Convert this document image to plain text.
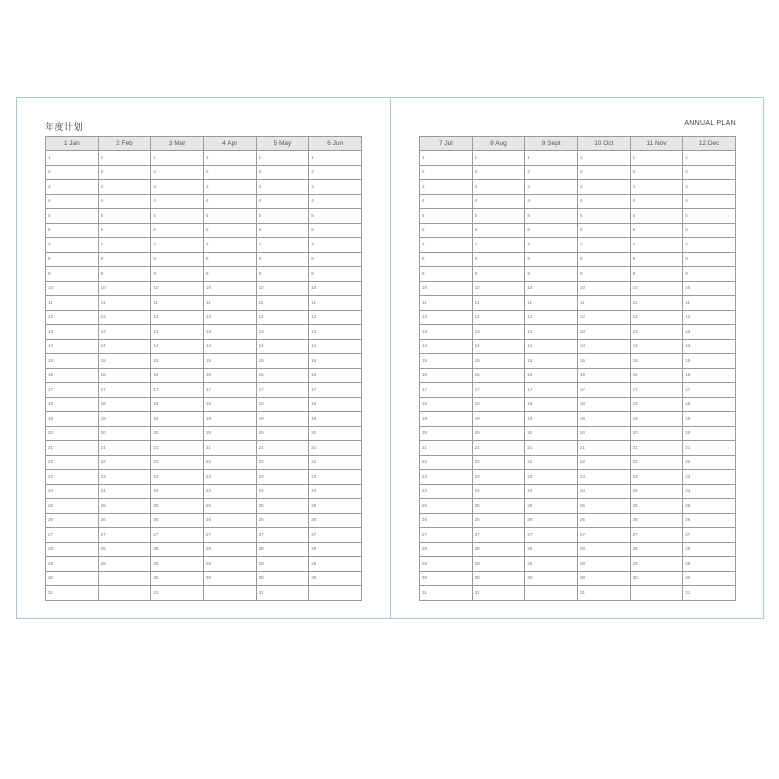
年度计划	ANNUAL PLAN
1 Jan	2 Feb	3 Mar	4 Apr	5 May	6 Jun
1	1	1	1	1	1
2	2	2	2	2	2
3	3	3	3	3	3
4	4	4	4	4	4
5	5	5	5	5	5
6	6	6	6	6	6
7	7	7	7	7	7
8	8	8	8	8	8
9	9	9	9	9	9
10	10	10	10	10	10
11	11	11	11	11	11
12	12	12	12	12	12
13	13	13	13	13	13
14	14	14	14	14	14
15	15	15	15	15	15
16	16	16	16	16	16
17	17	17	17	17	17
18	18	18	18	18	18
19	19	19	19	19	19
20	20	20	20	20	20
21	21	21	21	21	21
22	22	22	22	22	22
23	23	23	23	23	23
24	24	24	24	24	24
25	25	25	25	25	25
26	26	26	26	26	26
27	27	27	27	27	27
28	28	28	28	28	28
29	29	29	29	29	29
30		30	30	30	30
31		31		31	
7 Jul	8 Aug	9 Sept	10 Oct	11 Nov	12 Dec
1	1	1	1	1	1
2	2	2	2	2	2
3	3	3	3	3	3
4	4	4	4	4	4
5	5	5	5	5	5
6	6	6	6	6	6
7	7	7	7	7	7
8	8	8	8	8	8
9	9	9	9	9	9
10	10	10	10	10	10
11	11	11	11	11	11
12	12	12	12	12	12
13	13	13	13	13	13
14	14	14	14	14	14
15	15	15	15	15	15
16	16	16	16	16	16
17	17	17	17	17	17
18	18	18	18	18	18
19	19	19	19	19	19
20	20	20	20	20	20
21	21	21	21	21	21
22	22	22	22	22	22
23	23	23	23	23	23
24	24	24	24	24	24
25	25	25	25	25	25
26	26	26	26	26	26
27	27	27	27	27	27
28	28	28	28	28	28
29	29	29	29	29	29
30	30	30	30	30	30
31	31		31		31
